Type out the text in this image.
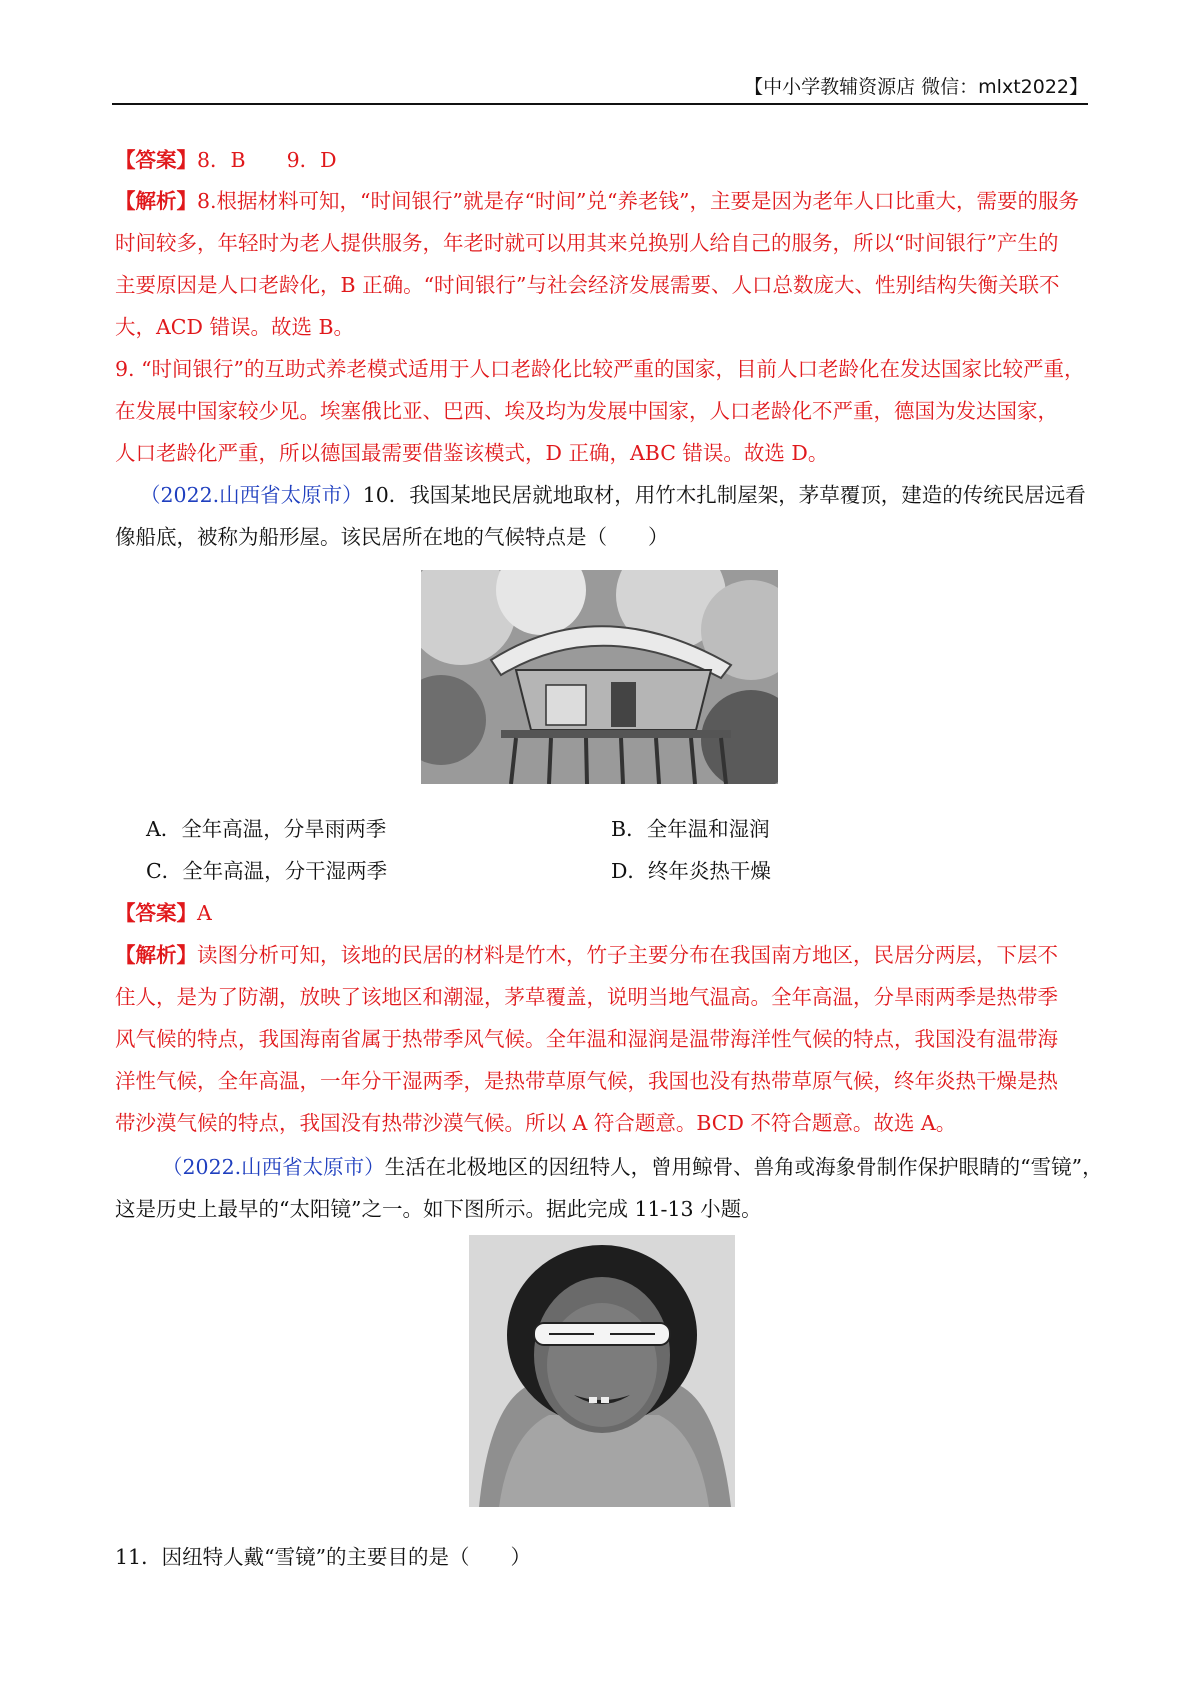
【中小学教辅资源店 微信：mlxt2022】
【答案】8．B　　9．D
【解析】8.根据材料可知，“时间银行”就是存“时间”兑“养老钱”，主要是因为老年人口比重大，需要的服务
时间较多，年轻时为老人提供服务，年老时就可以用其来兑换别人给自己的服务，所以“时间银行”产生的
主要原因是人口老龄化，B 正确。“时间银行”与社会经济发展需要、人口总数庞大、性别结构失衡关联不
大，ACD 错误。故选 B。
9. “时间银行”的互助式养老模式适用于人口老龄化比较严重的国家，目前人口老龄化在发达国家比较严重，
在发展中国家较少见。埃塞俄比亚、巴西、埃及均为发展中国家，人口老龄化不严重，德国为发达国家，
人口老龄化严重，所以德国最需要借鉴该模式，D 正确，ABC 错误。故选 D。
（2022.山西省太原市）10．我国某地民居就地取材，用竹木扎制屋架，茅草覆顶，建造的传统民居远看
像船底，被称为船形屋。该民居所在地的气候特点是（　　）
A．全年高温，分旱雨两季	B．全年温和湿润
C．全年高温，分干湿两季	D．终年炎热干燥
【答案】A
【解析】读图分析可知，该地的民居的材料是竹木，竹子主要分布在我国南方地区，民居分两层，下层不
住人，是为了防潮，放映了该地区和潮湿，茅草覆盖，说明当地气温高。全年高温，分旱雨两季是热带季
风气候的特点，我国海南省属于热带季风气候。全年温和湿润是温带海洋性气候的特点，我国没有温带海
洋性气候，全年高温，一年分干湿两季，是热带草原气候，我国也没有热带草原气候，终年炎热干燥是热
带沙漠气候的特点，我国没有热带沙漠气候。所以 A 符合题意。BCD 不符合题意。故选 A。
（2022.山西省太原市）生活在北极地区的因纽特人，曾用鲸骨、兽角或海象骨制作保护眼睛的“雪镜”，
这是历史上最早的“太阳镜”之一。如下图所示。据此完成 11-13 小题。
11．因纽特人戴“雪镜”的主要目的是（　　）
